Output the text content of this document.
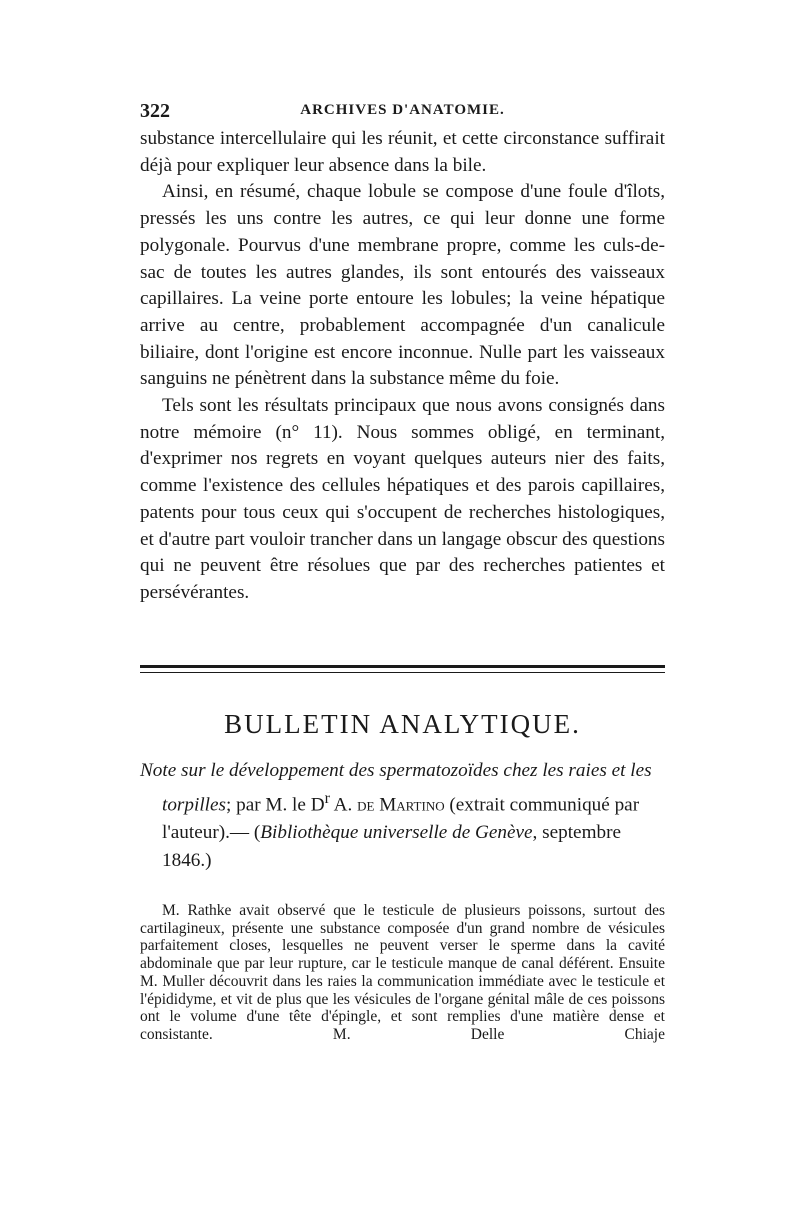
322	ARCHIVES D'ANATOMIE.

substance intercellulaire qui les réunit, et cette circonstance suffirait déjà pour expliquer leur absence dans la bile.

Ainsi, en résumé, chaque lobule se compose d'une foule d'îlots, pressés les uns contre les autres, ce qui leur donne une forme polygonale. Pourvus d'une membrane propre, comme les culs-de-sac de toutes les autres glandes, ils sont entourés des vaisseaux capillaires. La veine porte entoure les lobules; la veine hépatique arrive au centre, probablement accompagnée d'un canalicule biliaire, dont l'origine est encore inconnue. Nulle part les vaisseaux sanguins ne pénètrent dans la substance même du foie.

Tels sont les résultats principaux que nous avons consignés dans notre mémoire (n° 11). Nous sommes obligé, en terminant, d'exprimer nos regrets en voyant quelques auteurs nier des faits, comme l'existence des cellules hépatiques et des parois capillaires, patents pour tous ceux qui s'occupent de recherches histologiques, et d'autre part vouloir trancher dans un langage obscur des questions qui ne peuvent être résolues que par des recherches patientes et persévérantes.

BULLETIN ANALYTIQUE.

Note sur le développement des spermatozoïdes chez les raies et les torpilles; par M. le $D^r$ A. de Martino (extrait communiqué par l'auteur).— (Bibliothèque universelle de Genève, septembre 1846.)

M. Rathke avait observé que le testicule de plusieurs poissons, surtout des cartilagineux, présente une substance composée d'un grand nombre de vésicules parfaitement closes, lesquelles ne peuvent verser le sperme dans la cavité abdominale que par leur rupture, car le testicule manque de canal déférent. Ensuite M. Muller découvrit dans les raies la communication immédiate avec le testicule et l'épididyme, et vit de plus que les vésicules de l'organe génital mâle de ces poissons ont le volume d'une tête d'épingle, et sont remplies d'une matière dense et consistante. M. Delle Chiaje
